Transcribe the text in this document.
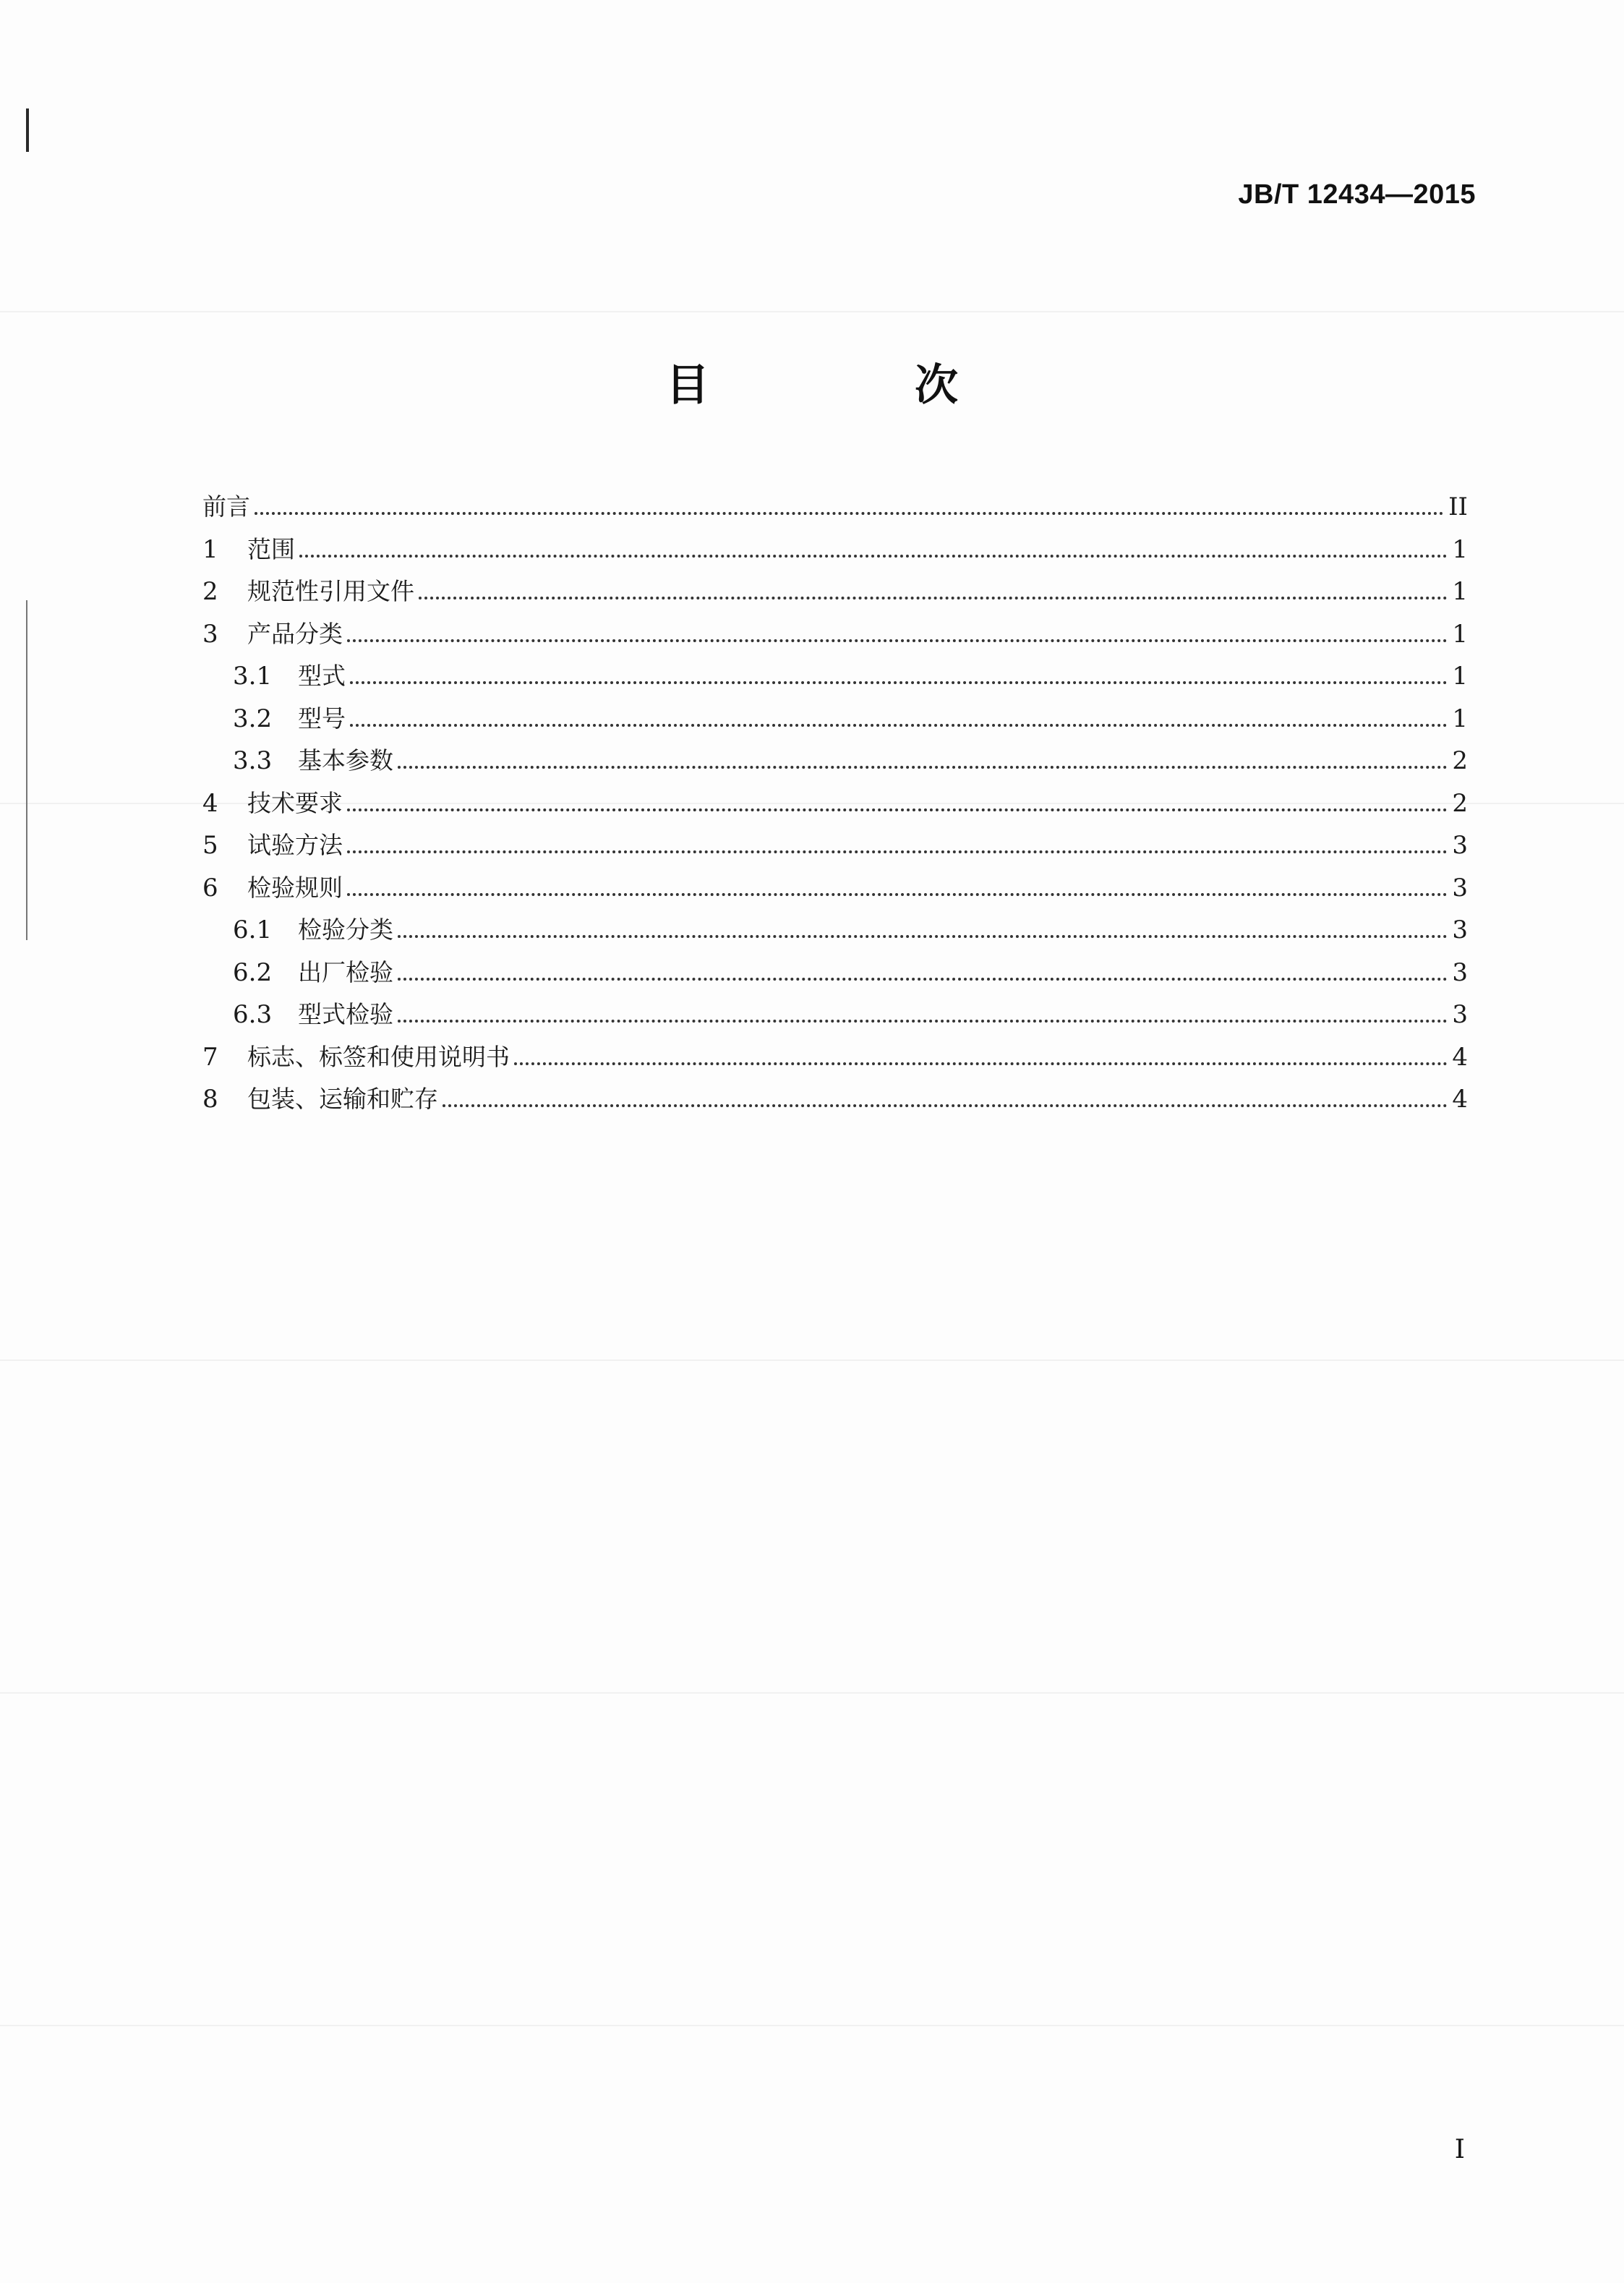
JB/T 12434—2015
目　次
前言	II
1	范围	1
2	规范性引用文件	1
3	产品分类	1
3.1	型式	1
3.2	型号	1
3.3	基本参数	2
4	技术要求	2
5	试验方法	3
6	检验规则	3
6.1	检验分类	3
6.2	出厂检验	3
6.3	型式检验	3
7	标志、标签和使用说明书	4
8	包装、运输和贮存	4
I
